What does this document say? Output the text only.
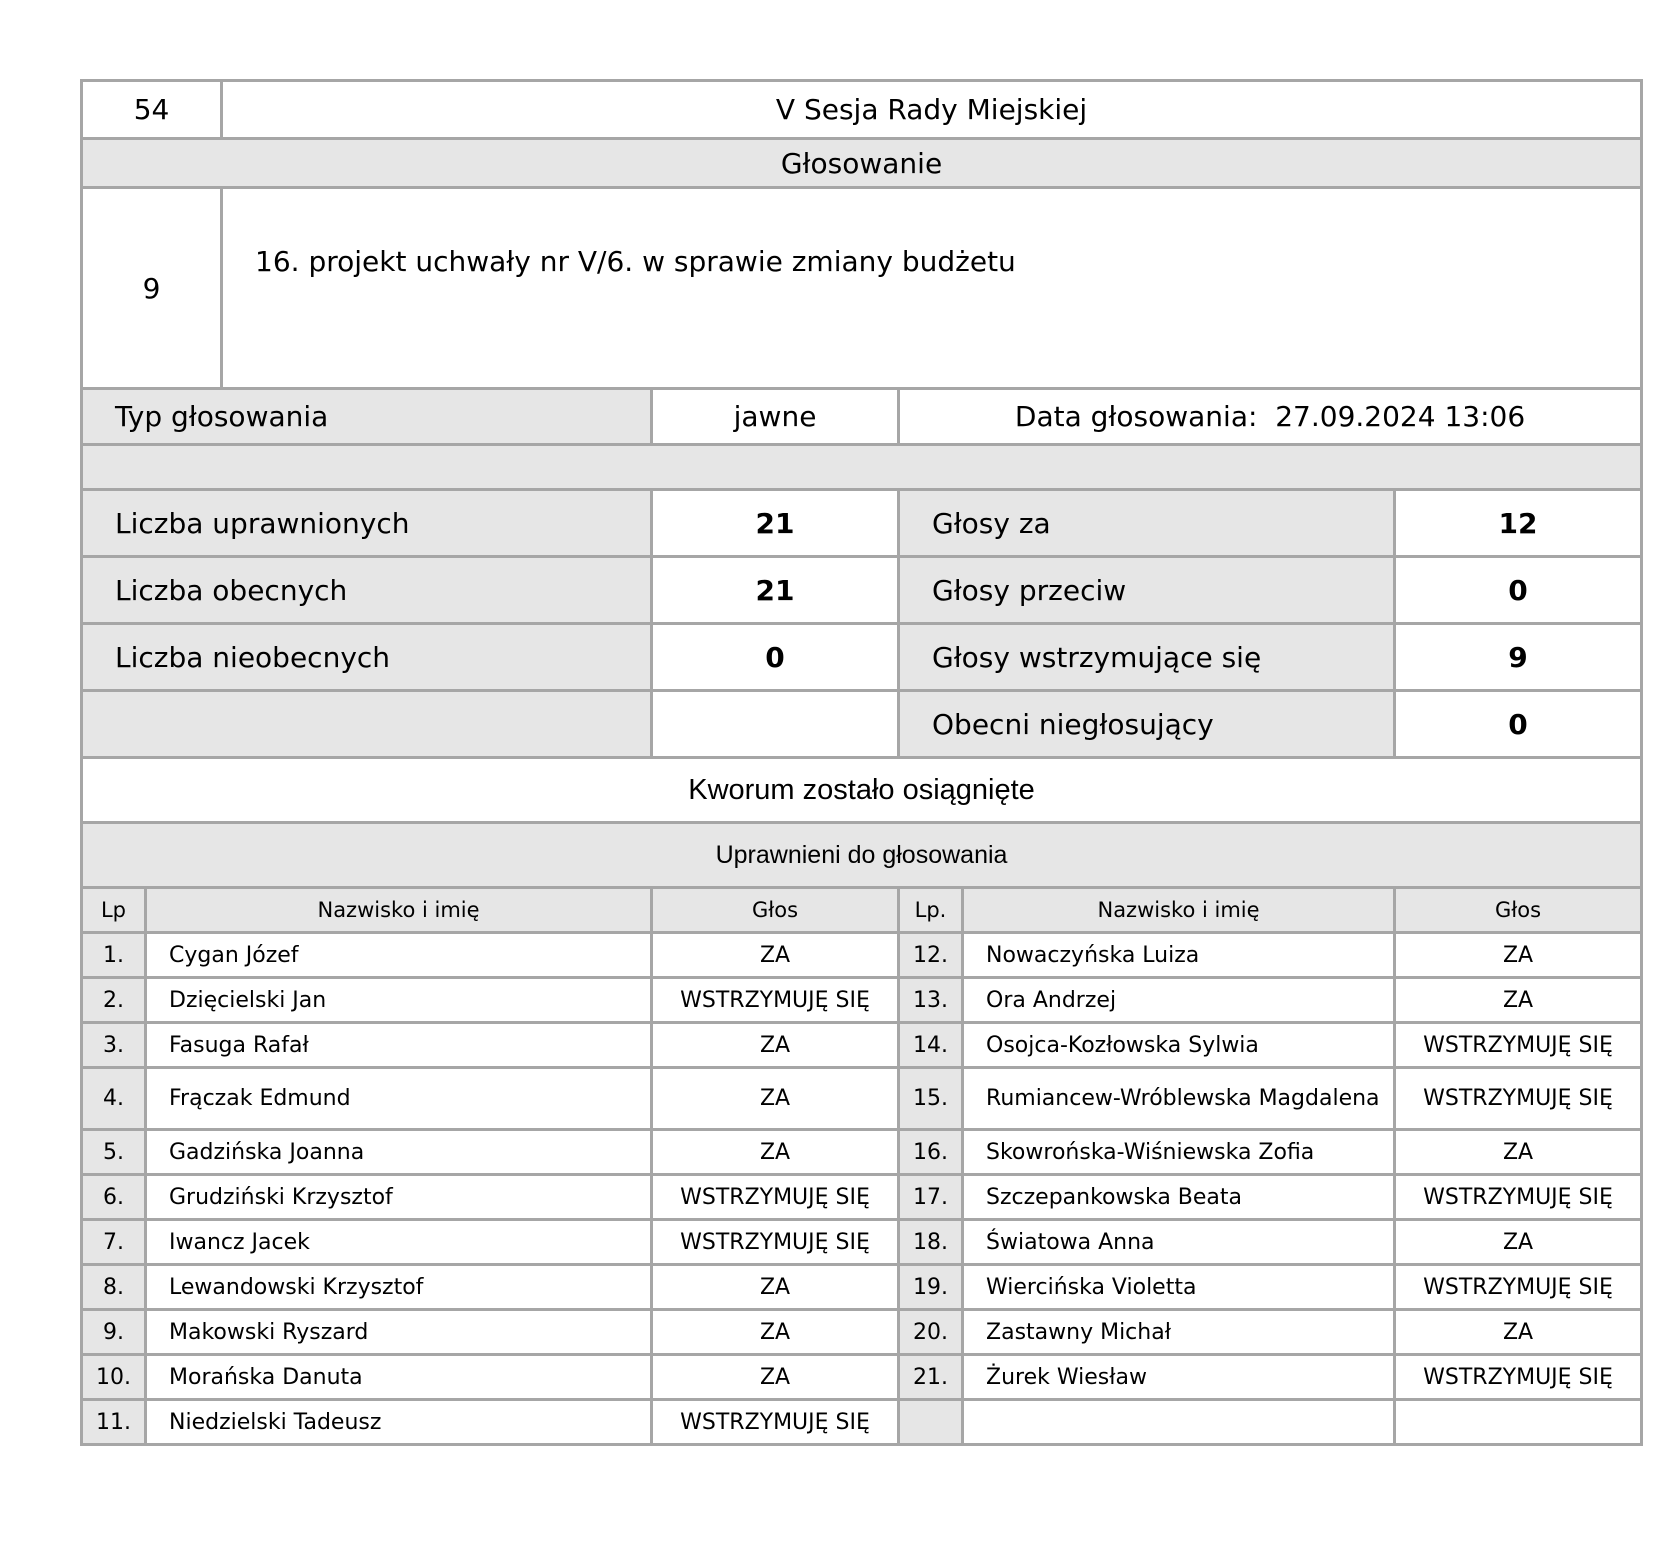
54		V Sesja Rady Miejskiej				
Głosowanie						
9		16. projekt uchwały nr V/6. w sprawie zmiany budżetu				
Typ głosowania			jawne	Data głosowania: 27.09.2024 13:06		

Liczba uprawnionych			21	Głosy za		12
Liczba obecnych			21	Głosy przeciw		0
Liczba nieobecnych			0	Głosy wstrzymujące się		9
				Obecni niegłosujący		0
Kworum zostało osiągnięte						
Uprawnieni do głosowania						
Lp	Nazwisko i imię		Głos	Lp.	Nazwisko i imię	Głos
1.	Cygan Józef		ZA	12.	Nowaczyńska Luiza	ZA
2.	Dzięcielski Jan		WSTRZYMUJĘ SIĘ	13.	Ora Andrzej	ZA
3.	Fasuga Rafał		ZA	14.	Osojca-Kozłowska Sylwia	WSTRZYMUJĘ SIĘ
4.	Frączak Edmund		ZA	15.	Rumiancew-Wróblewska Magdalena	WSTRZYMUJĘ SIĘ
5.	Gadzińska Joanna		ZA	16.	Skowrońska-Wiśniewska Zofia	ZA
6.	Grudziński Krzysztof		WSTRZYMUJĘ SIĘ	17.	Szczepankowska Beata	WSTRZYMUJĘ SIĘ
7.	Iwancz Jacek		WSTRZYMUJĘ SIĘ	18.	Światowa Anna	ZA
8.	Lewandowski Krzysztof		ZA	19.	Wiercińska Violetta	WSTRZYMUJĘ SIĘ
9.	Makowski Ryszard		ZA	20.	Zastawny Michał	ZA
10.	Morańska Danuta		ZA	21.	Żurek Wiesław	WSTRZYMUJĘ SIĘ
11.	Niedzielski Tadeusz		WSTRZYMUJĘ SIĘ			
